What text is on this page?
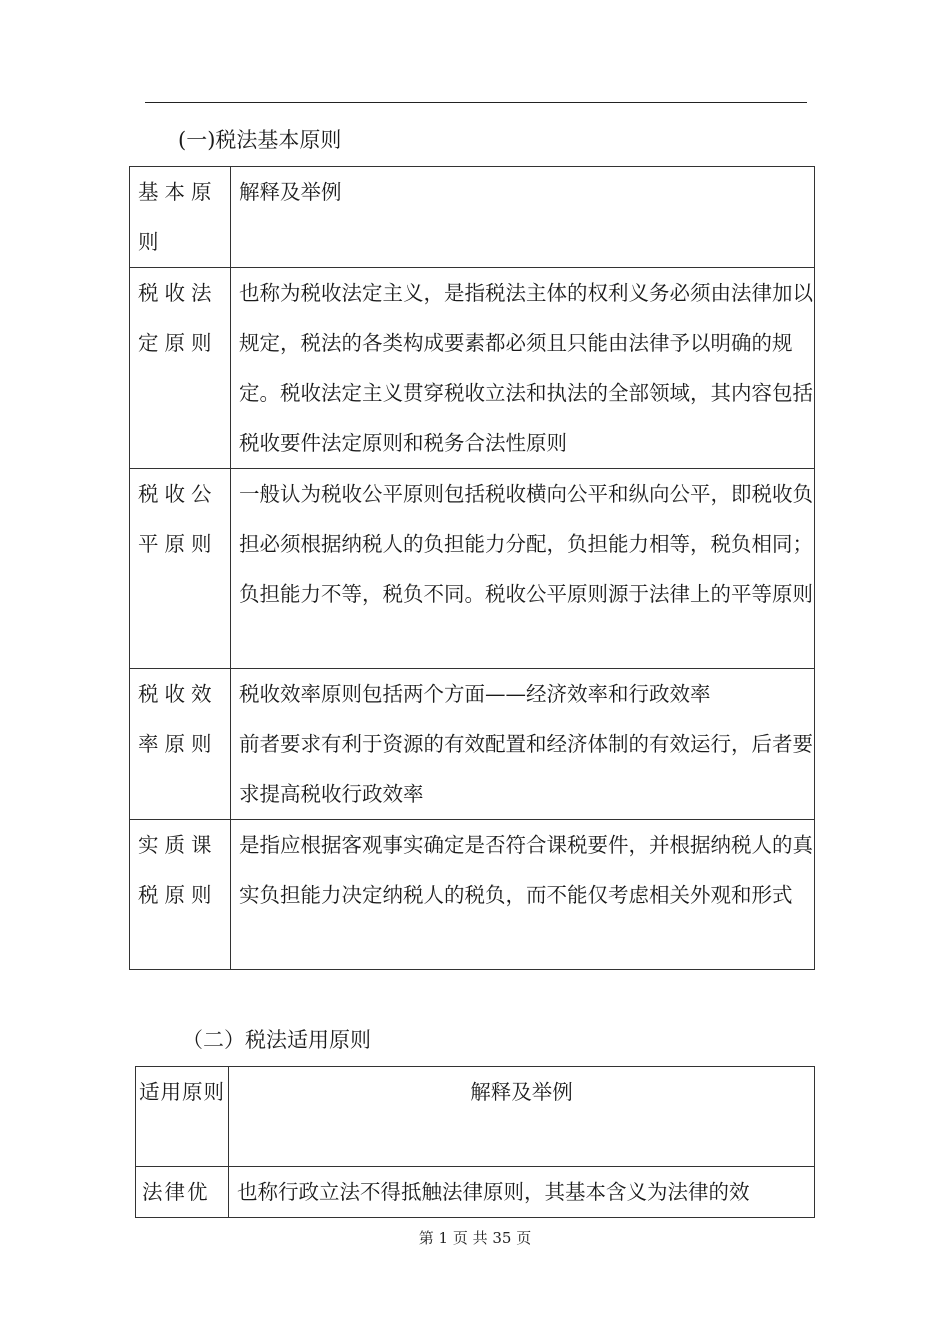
(一)税法基本原则
基本原则	解释及举例
税收法定原则	也称为税收法定主义，是指税法主体的权利义务必须由法律加以规定，税法的各类构成要素都必须且只能由法律予以明确的规定。税收法定主义贯穿税收立法和执法的全部领域，其内容包括税收要件法定原则和税务合法性原则
税收公平原则	一般认为税收公平原则包括税收横向公平和纵向公平，即税收负担必须根据纳税人的负担能力分配，负担能力相等，税负相同；负担能力不等，税负不同。税收公平原则源于法律上的平等原则
税收效率原则	税收效率原则包括两个方面——经济效率和行政效率
前者要求有利于资源的有效配置和经济体制的有效运行，后者要求提高税收行政效率

实质课税原则	是指应根据客观事实确定是否符合课税要件，并根据纳税人的真实负担能力决定纳税人的税负，而不能仅考虑相关外观和形式
（二）税法适用原则
适用原则	解释及举例
法律优	也称行政立法不得抵触法律原则，其基本含义为法律的效
第 1 页 共 35 页
